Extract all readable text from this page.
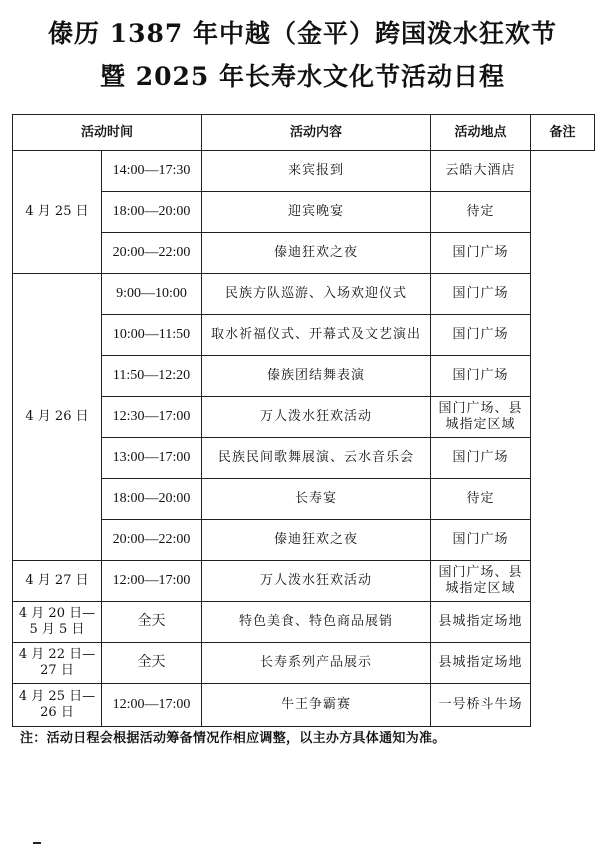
傣历 1387 年中越（金平）跨国泼水狂欢节
暨 2025 年长寿水文化节活动日程
活动时间		活动内容	活动地点	备注
4 月 25 日	14:00—17:30	来宾报到	云皓大酒店	

	18:00—20:00	迎宾晚宴	待定	

	20:00—22:00	傣迪狂欢之夜	国门广场	

4 月 26 日	9:00—10:00	民族方队巡游、入场欢迎仪式	国门广场	

	10:00—11:50	取水祈福仪式、开幕式及文艺演出	国门广场	

	11:50—12:20	傣族团结舞表演	国门广场	

	12:30—17:00	万人泼水狂欢活动	国门广场、县城指定区域	

	13:00—17:00	民族民间歌舞展演、云水音乐会	国门广场	

	18:00—20:00	长寿宴	待定	

	20:00—22:00	傣迪狂欢之夜	国门广场	

4 月 27 日	12:00—17:00	万人泼水狂欢活动	国门广场、县城指定区域	

4 月 20 日—5 月 5 日	全天	特色美食、特色商品展销	县城指定场地	

4 月 22 日—27 日	全天	长寿系列产品展示	县城指定场地	

4 月 25 日—26 日	12:00—17:00	牛王争霸赛	一号桥斗牛场	
注：活动日程会根据活动筹备情况作相应调整，以主办方具体通知为准。
